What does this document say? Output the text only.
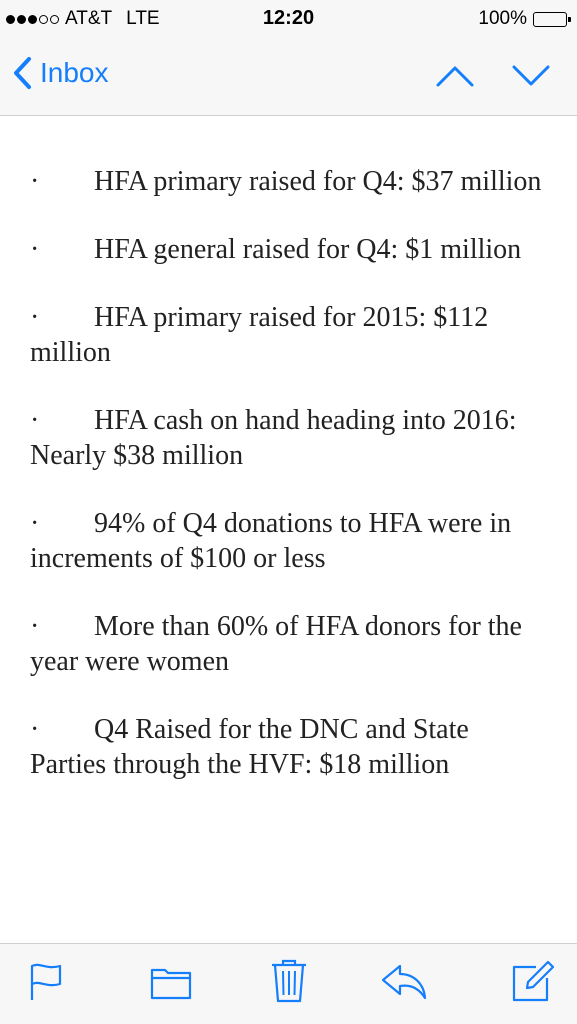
AT&T LTE	12:20	100%
Inbox

· HFA primary raised for Q4: $37 million

· HFA general raised for Q4: $1 million

· HFA primary raised for 2015: $112 million

· HFA cash on hand heading into 2016: Nearly $38 million

· 94% of Q4 donations to HFA were in increments of $100 or less

· More than 60% of HFA donors for the year were women

· Q4 Raised for the DNC and State Parties through the HVF: $18 million
